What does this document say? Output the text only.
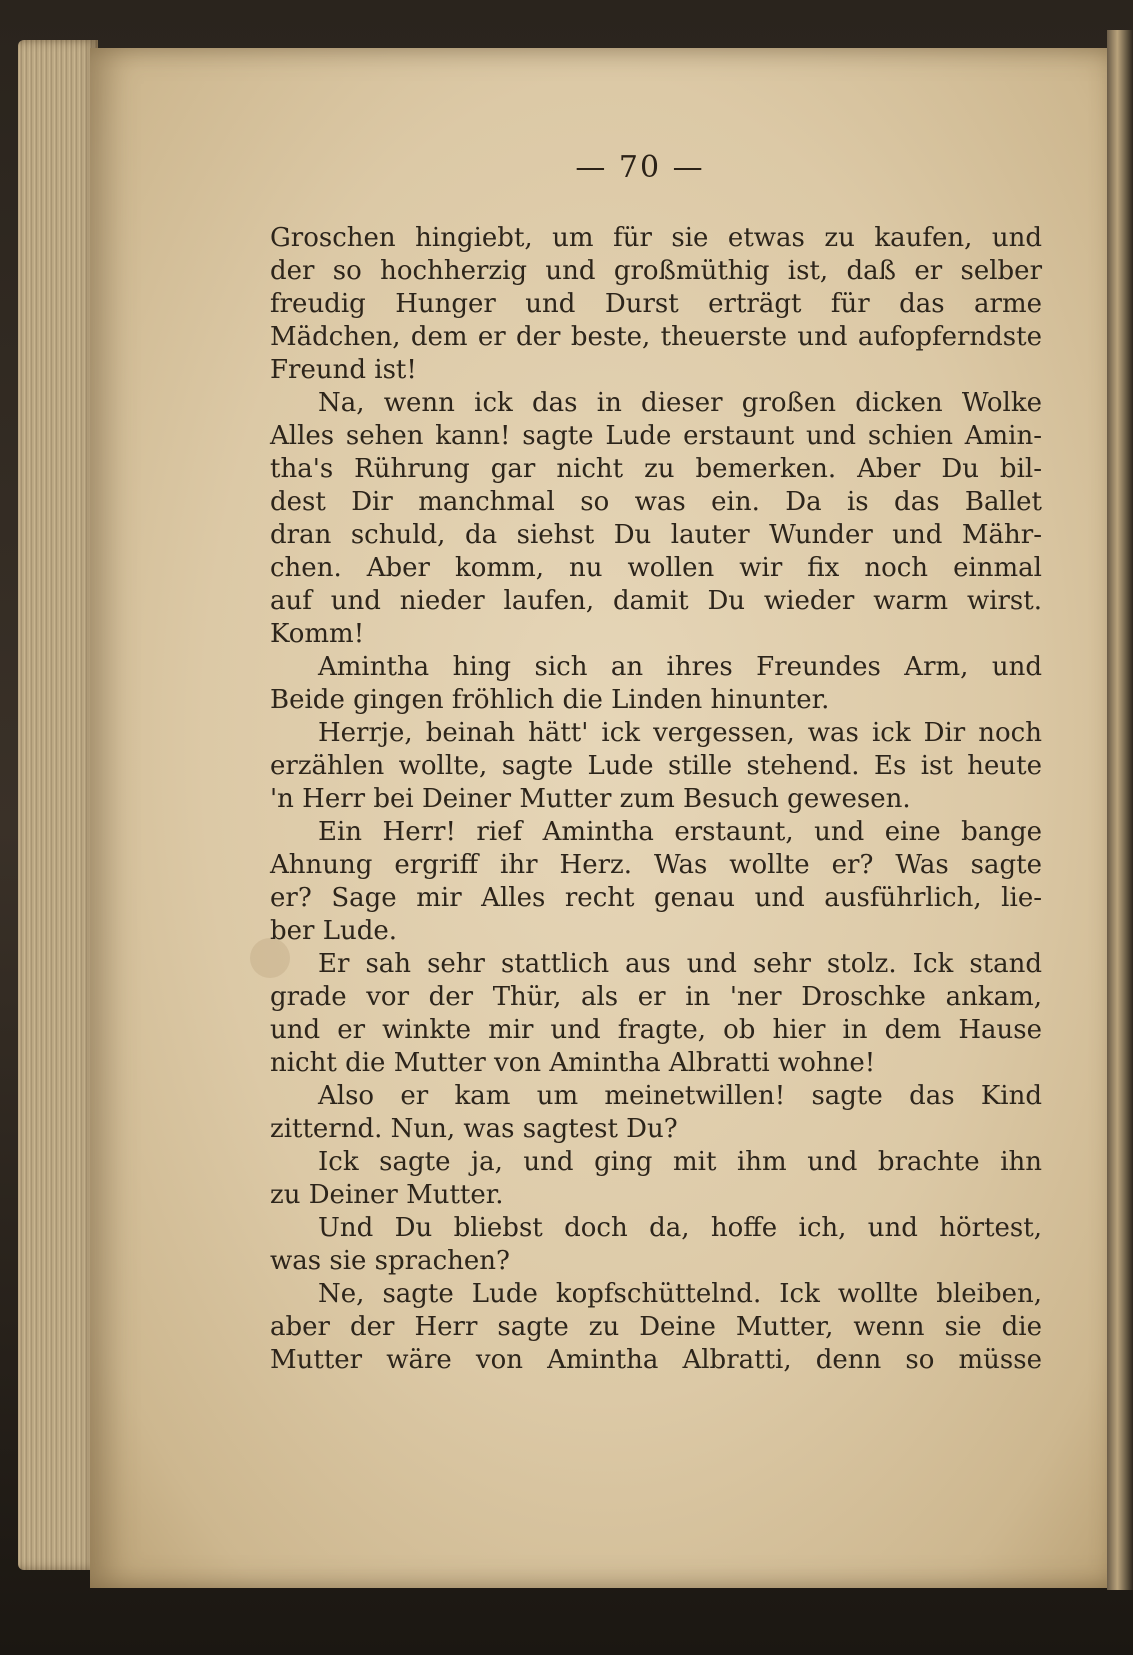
— 70 —
Groschen hingiebt, um für sie etwas zu kaufen, und
der so hochherzig und großmüthig ist, daß er selber
freudig Hunger und Durst erträgt für das arme
Mädchen, dem er der beste, theuerste und aufopferndste
Freund ist!
Na, wenn ick das in dieser großen dicken Wolke
Alles sehen kann! sagte Lude erstaunt und schien Amin-
tha's Rührung gar nicht zu bemerken. Aber Du bil-
dest Dir manchmal so was ein. Da is das Ballet
dran schuld, da siehst Du lauter Wunder und Mähr-
chen. Aber komm, nu wollen wir fix noch einmal
auf und nieder laufen, damit Du wieder warm wirst.
Komm!
Amintha hing sich an ihres Freundes Arm, und
Beide gingen fröhlich die Linden hinunter.
Herrje, beinah hätt' ick vergessen, was ick Dir noch
erzählen wollte, sagte Lude stille stehend. Es ist heute
'n Herr bei Deiner Mutter zum Besuch gewesen.
Ein Herr! rief Amintha erstaunt, und eine bange
Ahnung ergriff ihr Herz. Was wollte er? Was sagte
er? Sage mir Alles recht genau und ausführlich, lie-
ber Lude.
Er sah sehr stattlich aus und sehr stolz. Ick stand
grade vor der Thür, als er in 'ner Droschke ankam,
und er winkte mir und fragte, ob hier in dem Hause
nicht die Mutter von Amintha Albratti wohne!
Also er kam um meinetwillen! sagte das Kind
zitternd. Nun, was sagtest Du?
Ick sagte ja, und ging mit ihm und brachte ihn
zu Deiner Mutter.
Und Du bliebst doch da, hoffe ich, und hörtest,
was sie sprachen?
Ne, sagte Lude kopfschüttelnd. Ick wollte bleiben,
aber der Herr sagte zu Deine Mutter, wenn sie die
Mutter wäre von Amintha Albratti, denn so müsse
